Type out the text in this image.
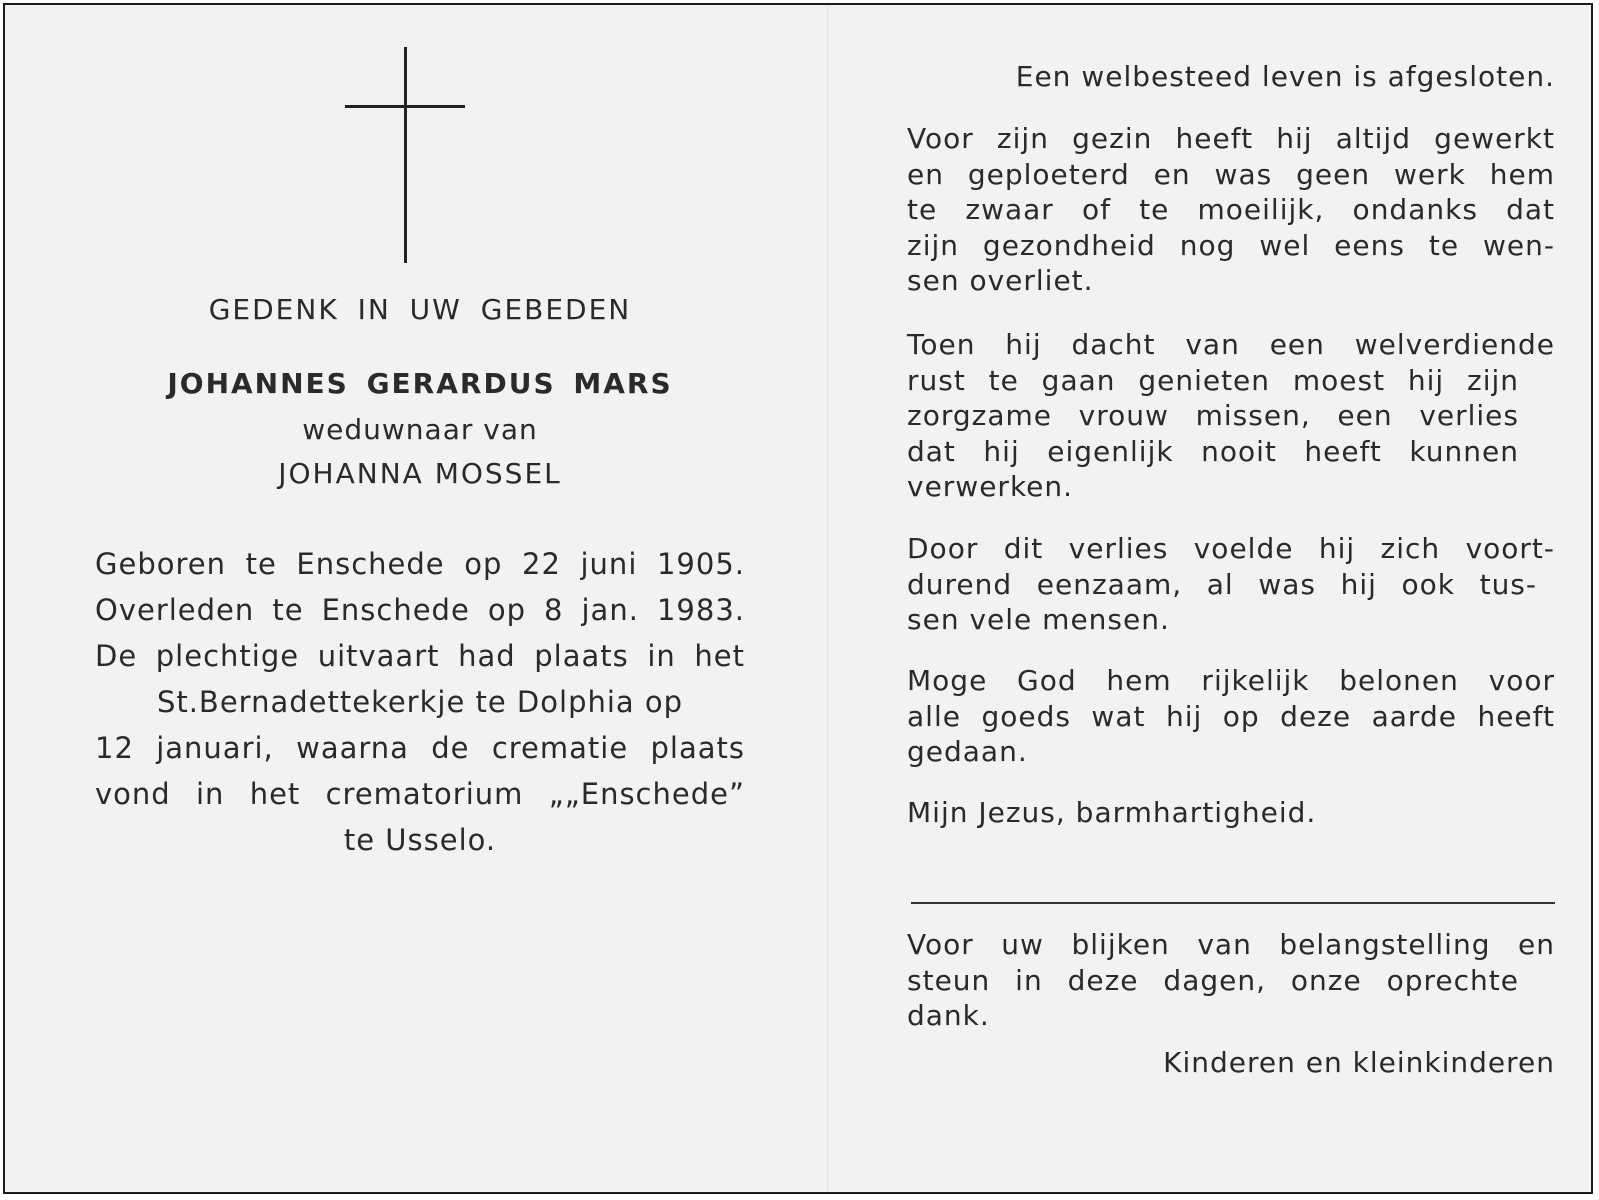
GEDENK IN UW GEBEDEN
JOHANNES GERARDUS MARS
weduwnaar van
JOHANNA MOSSEL
Geboren te Enschede op 22 juni 1905.
Overleden te Enschede op 8 jan. 1983.
De plechtige uitvaart had plaats in het
St.Bernadettekerkje te Dolphia op
12 januari, waarna de crematie plaats
vond in het crematorium „„Enschede”
te Usselo.
Een welbesteed leven is afgesloten.
Voor zijn gezin heeft hij altijd gewerkt
en geploeterd en was geen werk hem
te zwaar of te moeilijk, ondanks dat
zijn gezondheid nog wel eens te wen-
sen overliet.
Toen hij dacht van een welverdiende
rust te gaan genieten moest hij zijn
zorgzame vrouw missen, een verlies
dat hij eigenlijk nooit heeft kunnen
verwerken.
Door dit verlies voelde hij zich voort-
durend eenzaam, al was hij ook tus-
sen vele mensen.
Moge God hem rijkelijk belonen voor
alle goeds wat hij op deze aarde heeft
gedaan.
Mijn Jezus, barmhartigheid.
Voor uw blijken van belangstelling en
steun in deze dagen, onze oprechte
dank.
Kinderen en kleinkinderen
